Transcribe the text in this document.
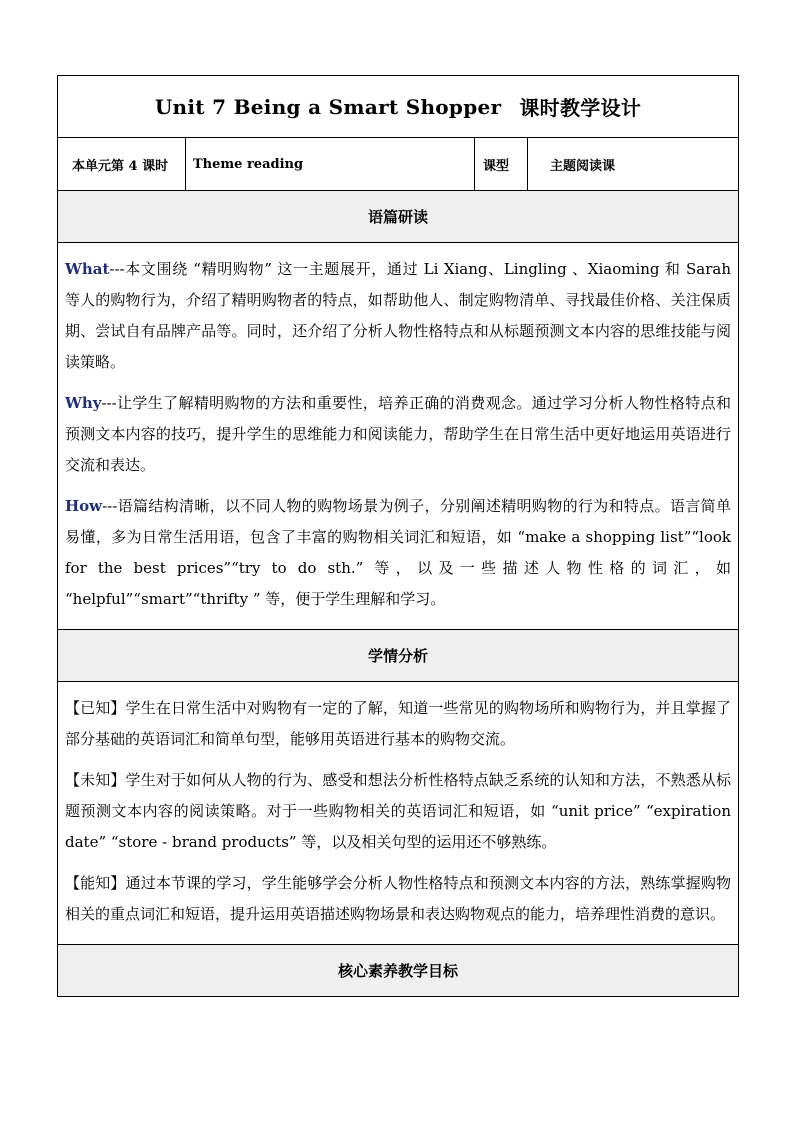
Unit 7 Being a Smart Shopper 课时教学设计
本单元第 4 课时	Theme reading	课型	主题阅读课
语篇研读

What---本文围绕 “精明购物” 这一主题展开，通过 Li Xiang、Lingling 、Xiaoming 和 Sarah 等人的购物行为，介绍了精明购物者的特点，如帮助他人、制定购物清单、寻找最佳价格、关注保质期、尝试自有品牌产品等。同时，还介绍了分析人物性格特点和从标题预测文本内容的思维技能与阅读策略。

Why---让学生了解精明购物的方法和重要性，培养正确的消费观念。通过学习分析人物性格特点和预测文本内容的技巧，提升学生的思维能力和阅读能力，帮助学生在日常生活中更好地运用英语进行交流和表达。

How---语篇结构清晰，以不同人物的购物场景为例子，分别阐述精明购物的行为和特点。语言简单易懂，多为日常生活用语，包含了丰富的购物相关词汇和短语，如 “make a shopping list”“look for the best prices”“try to do sth.” 等，以及一些描述人物性格的词汇，如 “helpful”“smart”“thrifty ” 等，便于学生理解和学习。

学情分析

【已知】学生在日常生活中对购物有一定的了解，知道一些常见的购物场所和购物行为，并且掌握了部分基础的英语词汇和简单句型，能够用英语进行基本的购物交流。

【未知】学生对于如何从人物的行为、感受和想法分析性格特点缺乏系统的认知和方法，不熟悉从标题预测文本内容的阅读策略。对于一些购物相关的英语词汇和短语，如 “unit price” “expiration date” “store - brand products” 等，以及相关句型的运用还不够熟练。

【能知】通过本节课的学习，学生能够学会分析人物性格特点和预测文本内容的方法，熟练掌握购物相关的重点词汇和短语，提升运用英语描述购物场景和表达购物观点的能力，培养理性消费的意识。

核心素养教学目标
